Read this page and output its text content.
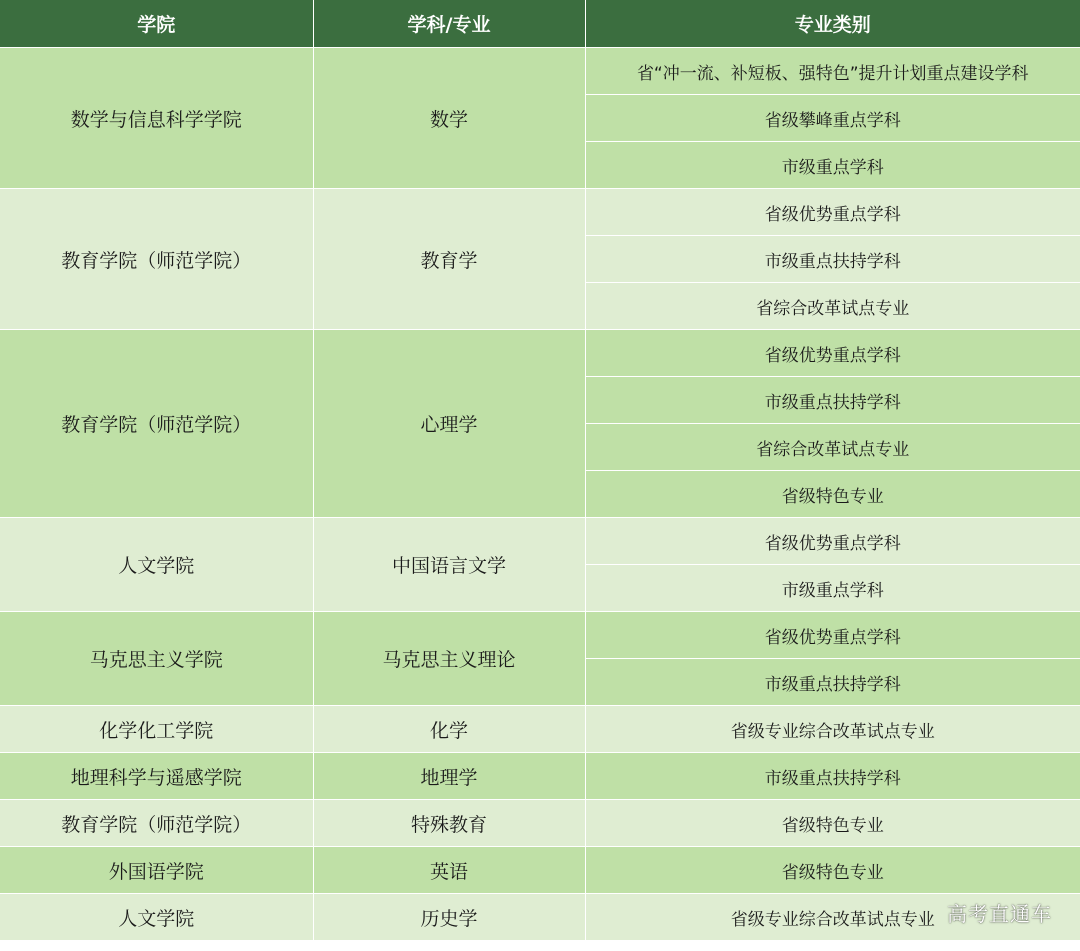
学院	学科/专业	专业类别
数学与信息科学学院	数学	省“冲一流、补短板、强特色”提升计划重点建设学科
		省级攀峰重点学科
		市级重点学科
教育学院（师范学院）	教育学	省级优势重点学科
		市级重点扶持学科
		省综合改革试点专业
教育学院（师范学院）	心理学	省级优势重点学科
		市级重点扶持学科
		省综合改革试点专业
		省级特色专业
人文学院	中国语言文学	省级优势重点学科
		市级重点学科
马克思主义学院	马克思主义理论	省级优势重点学科
		市级重点扶持学科
化学化工学院	化学	省级专业综合改革试点专业
地理科学与遥感学院	地理学	市级重点扶持学科
教育学院（师范学院）	特殊教育	省级特色专业
外国语学院	英语	省级特色专业
人文学院	历史学	省级专业综合改革试点专业 高考直通车
